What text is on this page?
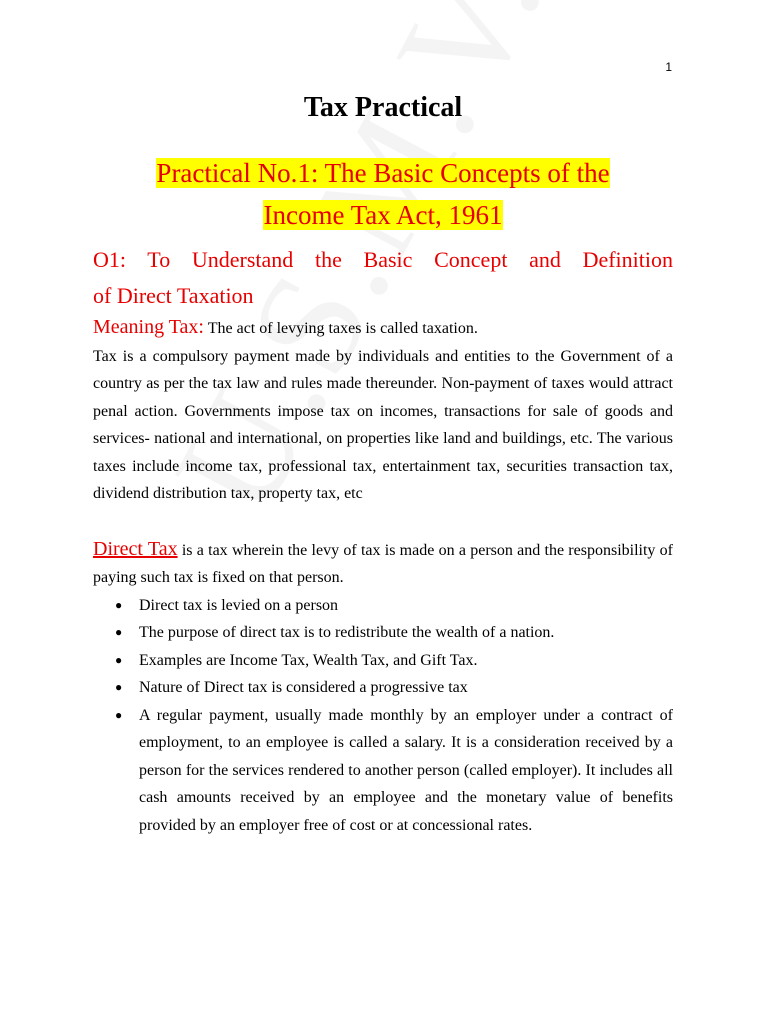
1
Tax Practical
Practical No.1: The Basic Concepts of the
Income Tax Act, 1961
O1: To Understand the Basic Concept and Definition
of Direct Taxation

Meaning Tax: The act of levying taxes is called taxation.

Tax is a compulsory payment made by individuals and entities to the Government of a country as per the tax law and rules made thereunder. Non-payment of taxes would attract penal action. Governments impose tax on incomes, transactions for sale of goods and services- national and international, on properties like land and buildings, etc. The various taxes include income tax, professional tax, entertainment tax, securities transaction tax, dividend distribution tax, property tax, etc

Direct Tax is a tax wherein the levy of tax is made on a person and the responsibility of paying such tax is fixed on that person.

● Direct tax is levied on a person
● The purpose of direct tax is to redistribute the wealth of a nation.
● Examples are Income Tax, Wealth Tax, and Gift Tax.
● Nature of Direct tax is considered a progressive tax
● A regular payment, usually made monthly by an employer under a contract of employment, to an employee is called a salary. It is a consideration received by a person for the services rendered to another person (called employer). It includes all cash amounts received by an employee and the monetary value of benefits provided by an employer free of cost or at concessional rates.
